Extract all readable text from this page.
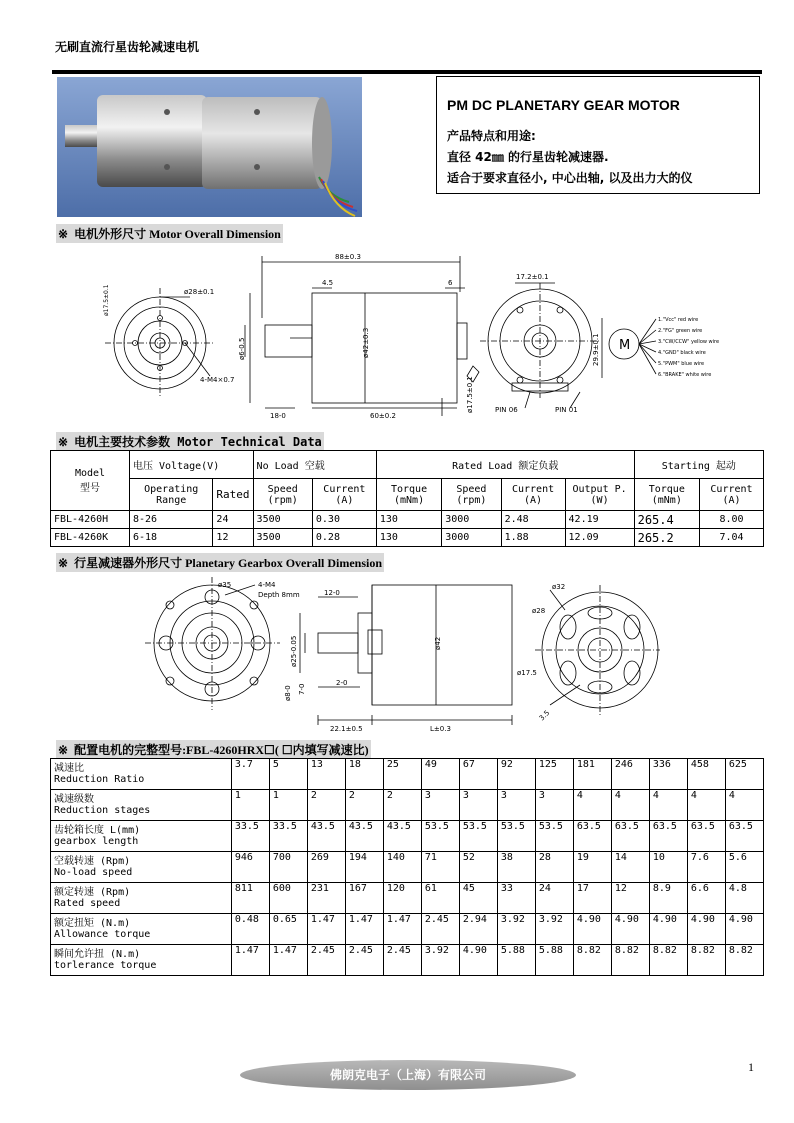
无刷直流行星齿轮减速电机
PM DC PLANETARY GEAR MOTOR
产品特点和用途:
直径 42㎜ 的行星齿轮减速器.
适合于要求直径小, 中心出轴, 以及出力大的仪
※ 电机外形尺寸 Motor Overall Dimension
ø28±0.1
ø17.5±0.1
4-M4×0.7
88±0.3
4.5	6
ø42±0.3
ø6-0.5
18-0	60±0.2
ø17.5±0.1
17.2±0.1
29.9±0.1
PIN 06	PIN 01
M
1."Vcc" red wire
2."FG" green wire
3."CW/CCW" yellow wire
4."GND" black wire
5."PWM" blue wire
6."BRAKE" white wire
※ 电机主要技术参数 Motor Technical Data
Model
型号	电压 Voltage(V)		No Load 空载		Rated Load 额定负载				Starting 起动	
	Operating Range	Rated	Speed (rpm)	Current (A)	Torque (mNm)	Speed (rpm)	Current (A)	Output P. (W)	Torque (mNm)	Current (A)
FBL-4260H	8-26	24	3500	0.30	130	3000	2.48	42.19	265.4	8.00
FBL-4260K	6-18	12	3500	0.28	130	3000	1.88	12.09	265.2	7.04
※ 行星减速器外形尺寸 Planetary Gearbox Overall Dimension
ø35	4-M4
Depth 8mm	12-0
ø25-0.05
ø8-0 7-0
2-0
22.1±0.5	L±0.3
ø42
ø32
ø28
ø17.5
3.5
※ 配置电机的完整型号:FBL-4260HRX☐( ☐内填写减速比)
减速比
Reduction Ratio	3.7	5	13	18	25	49	67	92	125	181	246	336	458	625

减速级数
Reduction stages	1	1	2	2	2	3	3	3	3	4	4	4	4	4

齿轮箱长度 L(mm)
gearbox length	33.5	33.5	43.5	43.5	43.5	53.5	53.5	53.5	53.5	63.5	63.5	63.5	63.5	63.5

空载转速 (Rpm)
No-load speed	946	700	269	194	140	71	52	38	28	19	14	10	7.6	5.6

额定转速 (Rpm)
Rated speed	811	600	231	167	120	61	45	33	24	17	12	8.9	6.6	4.8

额定扭矩 (N.m)
Allowance torque	0.48	0.65	1.47	1.47	1.47	2.45	2.94	3.92	3.92	4.90	4.90	4.90	4.90	4.90

瞬间允许扭 (N.m)
torlerance torque	1.47	1.47	2.45	2.45	2.45	3.92	4.90	5.88	5.88	8.82	8.82	8.82	8.82	8.82
1
佛朗克电子（上海）有限公司
